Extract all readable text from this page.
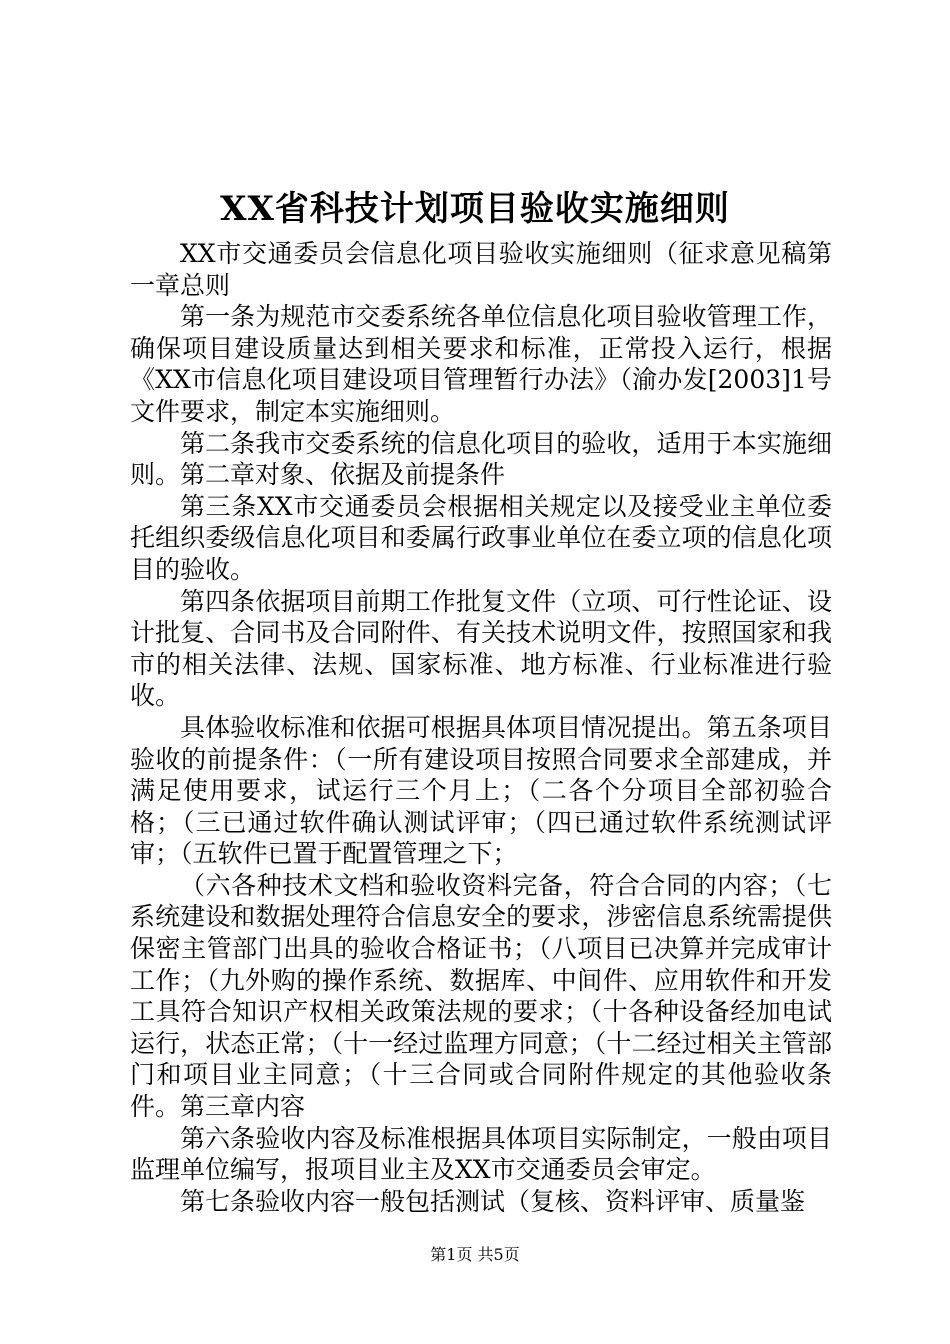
XX省科技计划项目验收实施细则

XX市交通委员会信息化项目验收实施细则（征求意见稿第一章总则

第一条为规范市交委系统各单位信息化项目验收管理工作，确保项目建设质量达到相关要求和标准，正常投入运行，根据《XX市信息化项目建设项目管理暂行办法》（渝办发[2003]1号文件要求，制定本实施细则。

第二条我市交委系统的信息化项目的验收，适用于本实施细则。第二章对象、依据及前提条件

第三条XX市交通委员会根据相关规定以及接受业主单位委托组织委级信息化项目和委属行政事业单位在委立项的信息化项目的验收。

第四条依据项目前期工作批复文件（立项、可行性论证、设计批复、合同书及合同附件、有关技术说明文件，按照国家和我市的相关法律、法规、国家标准、地方标准、行业标准进行验收。

具体验收标准和依据可根据具体项目情况提出。第五条项目验收的前提条件：（一所有建设项目按照合同要求全部建成，并满足使用要求，试运行三个月上；（二各个分项目全部初验合格；（三已通过软件确认测试评审；（四已通过软件系统测试评审；（五软件已置于配置管理之下；

（六各种技术文档和验收资料完备，符合合同的内容；（七系统建设和数据处理符合信息安全的要求，涉密信息系统需提供保密主管部门出具的验收合格证书；（八项目已决算并完成审计工作；（九外购的操作系统、数据库、中间件、应用软件和开发工具符合知识产权相关政策法规的要求；（十各种设备经加电试运行，状态正常；（十一经过监理方同意；（十二经过相关主管部门和项目业主同意；（十三合同或合同附件规定的其他验收条件。第三章内容

第六条验收内容及标准根据具体项目实际制定，一般由项目监理单位编写，报项目业主及XX市交通委员会审定。

第七条验收内容一般包括测试（复核、资料评审、质量鉴

第1页 共5页
